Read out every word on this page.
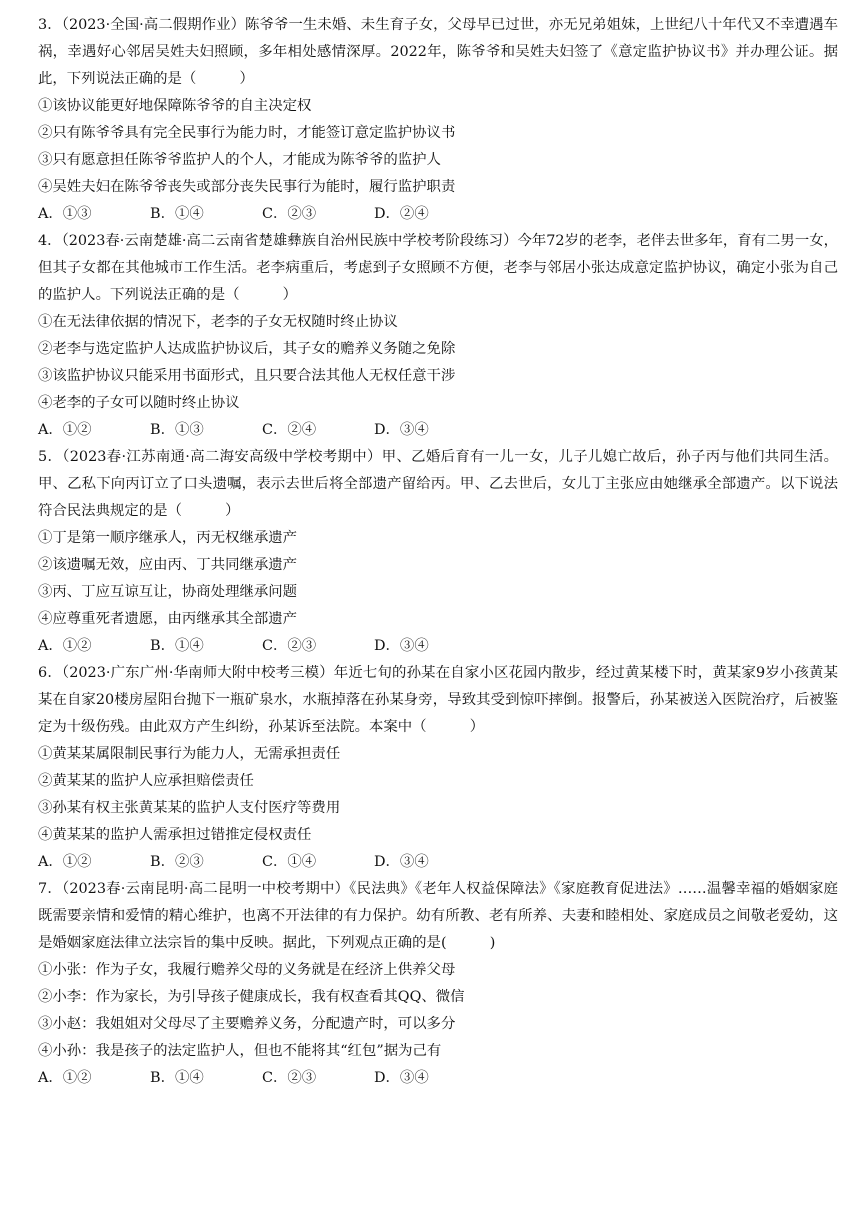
3．（2023·全国·高二假期作业）陈爷爷一生未婚、未生育子女，父母早已过世，亦无兄弟姐妹，上世纪八十年代又不幸遭遇车祸，幸遇好心邻居吴姓夫妇照顾，多年相处感情深厚。2022年，陈爷爷和吴姓夫妇签了《意定监护协议书》并办理公证。据此，下列说法正确的是（　　　）

①该协议能更好地保障陈爷爷的自主决定权

②只有陈爷爷具有完全民事行为能力时，才能签订意定监护协议书

③只有愿意担任陈爷爷监护人的个人，才能成为陈爷爷的监护人

④吴姓夫妇在陈爷爷丧失或部分丧失民事行为能时，履行监护职责

A．①③	B．①④	C．②③	D．②④

4．（2023春·云南楚雄·高二云南省楚雄彝族自治州民族中学校考阶段练习）今年72岁的老李，老伴去世多年，育有二男一女，但其子女都在其他城市工作生活。老李病重后，考虑到子女照顾不方便，老李与邻居小张达成意定监护协议，确定小张为自己的监护人。下列说法正确的是（　　　）

①在无法律依据的情况下，老李的子女无权随时终止协议

②老李与选定监护人达成监护协议后，其子女的赡养义务随之免除

③该监护协议只能采用书面形式，且只要合法其他人无权任意干涉

④老李的子女可以随时终止协议

A．①②	B．①③	C．②④	D．③④

5．（2023春·江苏南通·高二海安高级中学校考期中）甲、乙婚后育有一儿一女，儿子儿媳亡故后，孙子丙与他们共同生活。甲、乙私下向丙订立了口头遗嘱，表示去世后将全部遗产留给丙。甲、乙去世后，女儿丁主张应由她继承全部遗产。以下说法符合民法典规定的是（　　　）

①丁是第一顺序继承人，丙无权继承遗产

②该遗嘱无效，应由丙、丁共同继承遗产

③丙、丁应互谅互让，协商处理继承问题

④应尊重死者遗愿，由丙继承其全部遗产

A．①②	B．①④	C．②③	D．③④

6．（2023·广东广州·华南师大附中校考三模）年近七旬的孙某在自家小区花园内散步，经过黄某楼下时，黄某家9岁小孩黄某某在自家20楼房屋阳台抛下一瓶矿泉水，水瓶掉落在孙某身旁，导致其受到惊吓摔倒。报警后，孙某被送入医院治疗，后被鉴定为十级伤残。由此双方产生纠纷，孙某诉至法院。本案中（　　　）

①黄某某属限制民事行为能力人，无需承担责任

②黄某某的监护人应承担赔偿责任

③孙某有权主张黄某某的监护人支付医疗等费用

④黄某某的监护人需承担过错推定侵权责任

A．①②	B．②③	C．①④	D．③④

7．（2023春·云南昆明·高二昆明一中校考期中）《民法典》《老年人权益保障法》《家庭教育促进法》……温馨幸福的婚姻家庭既需要亲情和爱情的精心维护，也离不开法律的有力保护。幼有所教、老有所养、夫妻和睦相处、家庭成员之间敬老爱幼，这是婚姻家庭法律立法宗旨的集中反映。据此，下列观点正确的是(　　　)

①小张：作为子女，我履行赡养父母的义务就是在经济上供养父母

②小李：作为家长，为引导孩子健康成长，我有权查看其QQ、微信

③小赵：我姐姐对父母尽了主要赡养义务，分配遗产时，可以多分

④小孙：我是孩子的法定监护人，但也不能将其“红包”据为己有

A．①②	B．①④	C．②③	D．③④
